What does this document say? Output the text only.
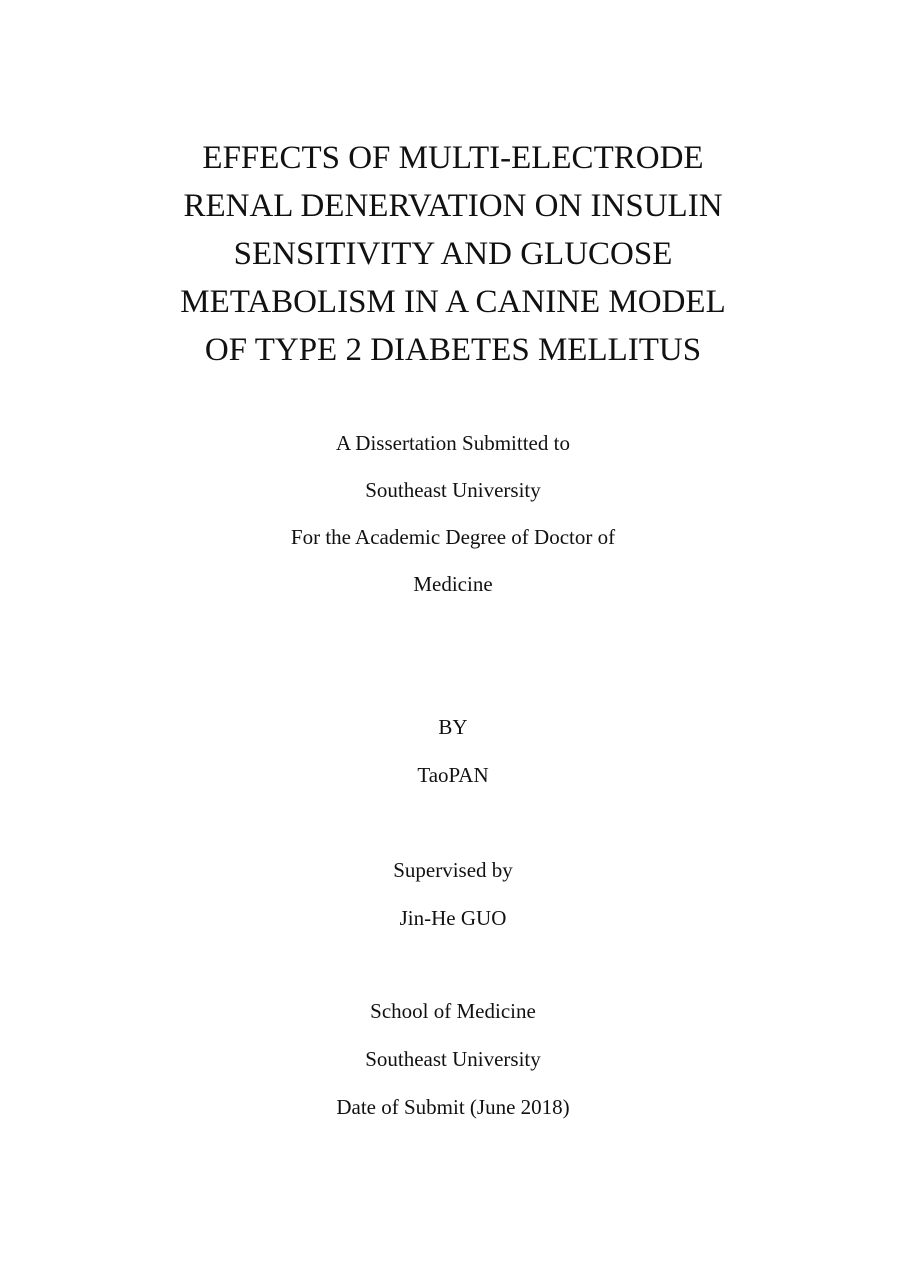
EFFECTS OF MULTI-ELECTRODE
RENAL DENERVATION ON INSULIN
SENSITIVITY AND GLUCOSE
METABOLISM IN A CANINE MODEL
OF TYPE 2 DIABETES MELLITUS
A Dissertation Submitted to
Southeast University
For the Academic Degree of Doctor of
Medicine
BY
TaoPAN
Supervised by
Jin-He GUO
School of Medicine
Southeast University
Date of Submit (June 2018)
